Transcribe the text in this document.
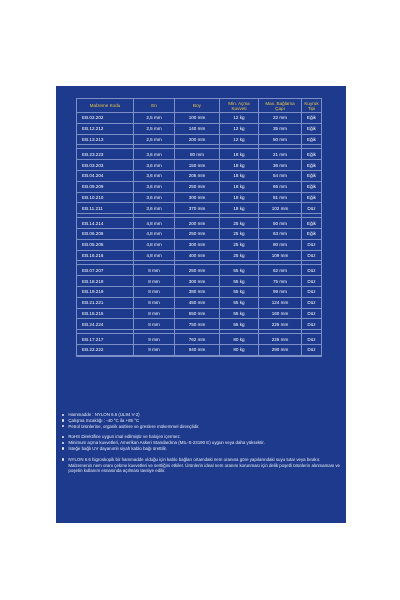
Malzeme Kodu	En	Boy	Min. Açma Kuvveti	Max. Bağlama Çapı	Kuyruk Tipi
EB.02.202	2,5 mm	100 mm	12 kg	22 mm	Eğik
EB.12.212	2,5 mm	140 mm	12 kg	35 mm	Eğik
EB.13.213	2,5 mm	200 mm	12 kg	50 mm	Eğik

EB.23.223	3,6 mm	80 mm	18 kg	21 mm	Eğik
EB.03.203	3,6 mm	150 mm	18 kg	36 mm	Eğik
EB.04.204	3,6 mm	205 mm	18 kg	54 mm	Eğik
EB.09.209	3,6 mm	250 mm	18 kg	66 mm	Eğik
EB.10.210	3,6 mm	300 mm	18 kg	81 mm	Eğik
EB.11.211	3,6 mm	370 mm	18 kg	102 mm	Düz

EB.14.214	4,8 mm	200 mm	25 kg	50 mm	Eğik
EB.06.206	4,8 mm	250 mm	25 kg	63 mm	Eğik
EB.05.205	4,8 mm	300 mm	25 kg	80 mm	Düz
EB.16.216	4,8 mm	400 mm	25 kg	109 mm	Düz

EB.07.207	8 mm	250 mm	55 kg	62 mm	Düz
EB.18.218	8 mm	300 mm	55 kg	75 mm	Düz
EB.19.219	8 mm	380 mm	55 kg	99 mm	Düz
EB.21.221	8 mm	450 mm	55 kg	124 mm	Düz
EB.15.215	8 mm	550 mm	55 kg	160 mm	Düz
EB.24.224	8 mm	750 mm	55 kg	225 mm	Düz

EB.17.217	9 mm	762 mm	80 kg	225 mm	Düz
EB.22.222	9 mm	940 mm	80 kg	290 mm	Düz
Hammadde : NYLON 6.6 (UL94 V-2)
Çalışma Sıcaklığı : -40 °C ila +85 °C
Petrol ürünlerine, organik asitlere ve greslere mükemmel dirençlidir.
RoHS Direktifine uygun imal edilmiştir ve halojen içermez.
Minimum açma kuvvetleri, Amerikan Askeri Standardına (MIL-S-23190 E) uygun veya daha yüksektir.
İsteğe bağlı UV dayanımlı siyah kablo bağı ürettilir.
NYLON 6.6 higroskopik bir hammadde olduğu için kablo bağları ortamdaki nem oranına göre yapılarındaki suyu tutar veya bırakır. Malzemenin nem oranı çekme kuvvetleri ve sertliğini etkiler. Ürünlerin ideal nem oranını korunması için delik poşetli ürünlerin alınmaması ve poşetin kullanım esnasında açılması tavsiye edilir.
